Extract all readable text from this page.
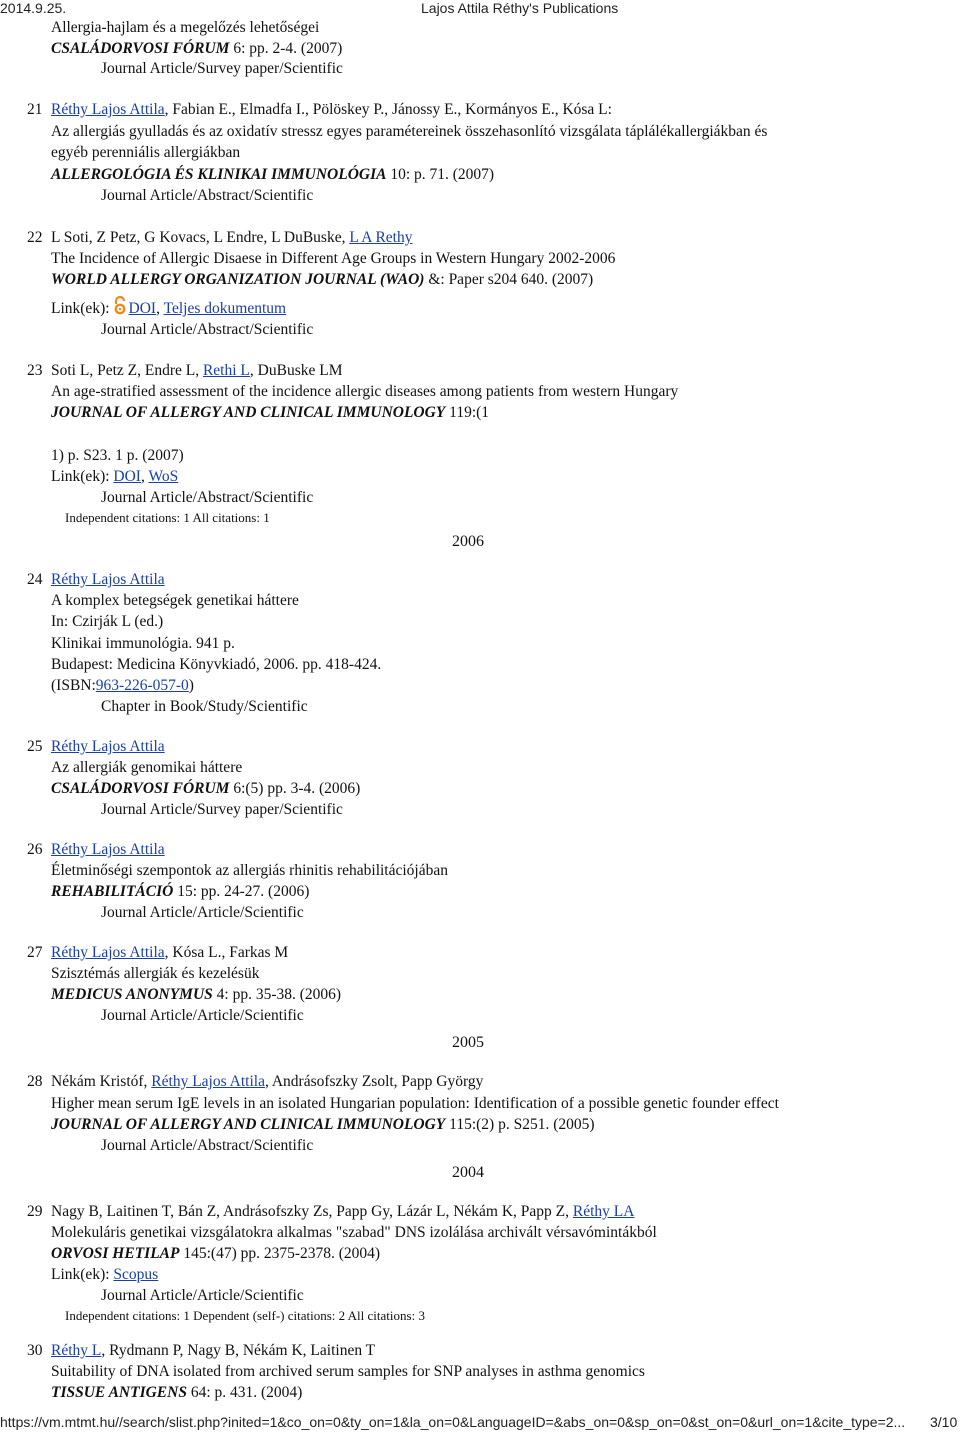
2014.9.25.	Lajos Attila Réthy's Publications
Allergia-hajlam és a megelőzés lehetőségei
CSALÁDORVOSI FÓRUM 6: pp. 2-4. (2007)
Journal Article/Survey paper/Scientific
21 Réthy Lajos Attila, Fabian E., Elmadfa I., Pölöskey P., Jánossy E., Kormányos E., Kósa L:
Az allergiás gyulladás és az oxidatív stressz egyes paramétereinek összehasonlító vizsgálata táplálékallergiákban és
egyéb perenniális allergiákban
ALLERGOLÓGIA ÉS KLINIKAI IMMUNOLÓGIA 10: p. 71. (2007)
Journal Article/Abstract/Scientific
22 L Soti, Z Petz, G Kovacs, L Endre, L DuBuske, L A Rethy
The Incidence of Allergic Disaese in Different Age Groups in Western Hungary 2002-2006
WORLD ALLERGY ORGANIZATION JOURNAL (WAO) &: Paper s204 640. (2007)
Link(ek): DOI, Teljes dokumentum
Journal Article/Abstract/Scientific
23 Soti L, Petz Z, Endre L, Rethi L, DuBuske LM
An age-stratified assessment of the incidence allergic diseases among patients from western Hungary
JOURNAL OF ALLERGY AND CLINICAL IMMUNOLOGY 119:(1
1) p. S23. 1 p. (2007)
Link(ek): DOI, WoS
Journal Article/Abstract/Scientific
Independent citations: 1 All citations: 1
2006
24 Réthy Lajos Attila
A komplex betegségek genetikai háttere
In: Czirják L (ed.)
Klinikai immunológia. 941 p.
Budapest: Medicina Könyvkiadó, 2006. pp. 418-424.
(ISBN:963-226-057-0)
Chapter in Book/Study/Scientific
25 Réthy Lajos Attila
Az allergiák genomikai háttere
CSALÁDORVOSI FÓRUM 6:(5) pp. 3-4. (2006)
Journal Article/Survey paper/Scientific
26 Réthy Lajos Attila
Életminőségi szempontok az allergiás rhinitis rehabilitációjában
REHABILITÁCIÓ 15: pp. 24-27. (2006)
Journal Article/Article/Scientific
27 Réthy Lajos Attila, Kósa L., Farkas M
Szisztémás allergiák és kezelésük
MEDICUS ANONYMUS 4: pp. 35-38. (2006)
Journal Article/Article/Scientific
2005
28 Nékám Kristóf, Réthy Lajos Attila, Andrásofszky Zsolt, Papp György
Higher mean serum IgE levels in an isolated Hungarian population: Identification of a possible genetic founder effect
JOURNAL OF ALLERGY AND CLINICAL IMMUNOLOGY 115:(2) p. S251. (2005)
Journal Article/Abstract/Scientific
2004
29 Nagy B, Laitinen T, Bán Z, Andrásofszky Zs, Papp Gy, Lázár L, Nékám K, Papp Z, Réthy LA
Molekuláris genetikai vizsgálatokra alkalmas "szabad" DNS izolálása archivált vérsavómintákból
ORVOSI HETILAP 145:(47) pp. 2375-2378. (2004)
Link(ek): Scopus
Journal Article/Article/Scientific
Independent citations: 1 Dependent (self-) citations: 2 All citations: 3
30 Réthy L, Rydmann P, Nagy B, Nékám K, Laitinen T
Suitability of DNA isolated from archived serum samples for SNP analyses in asthma genomics
TISSUE ANTIGENS 64: p. 431. (2004)
https://vm.mtmt.hu//search/slist.php?inited=1&co_on=0&ty_on=1&la_on=0&LanguageID=&abs_on=0&sp_on=0&st_on=0&url_on=1&cite_type=2... 3/10
